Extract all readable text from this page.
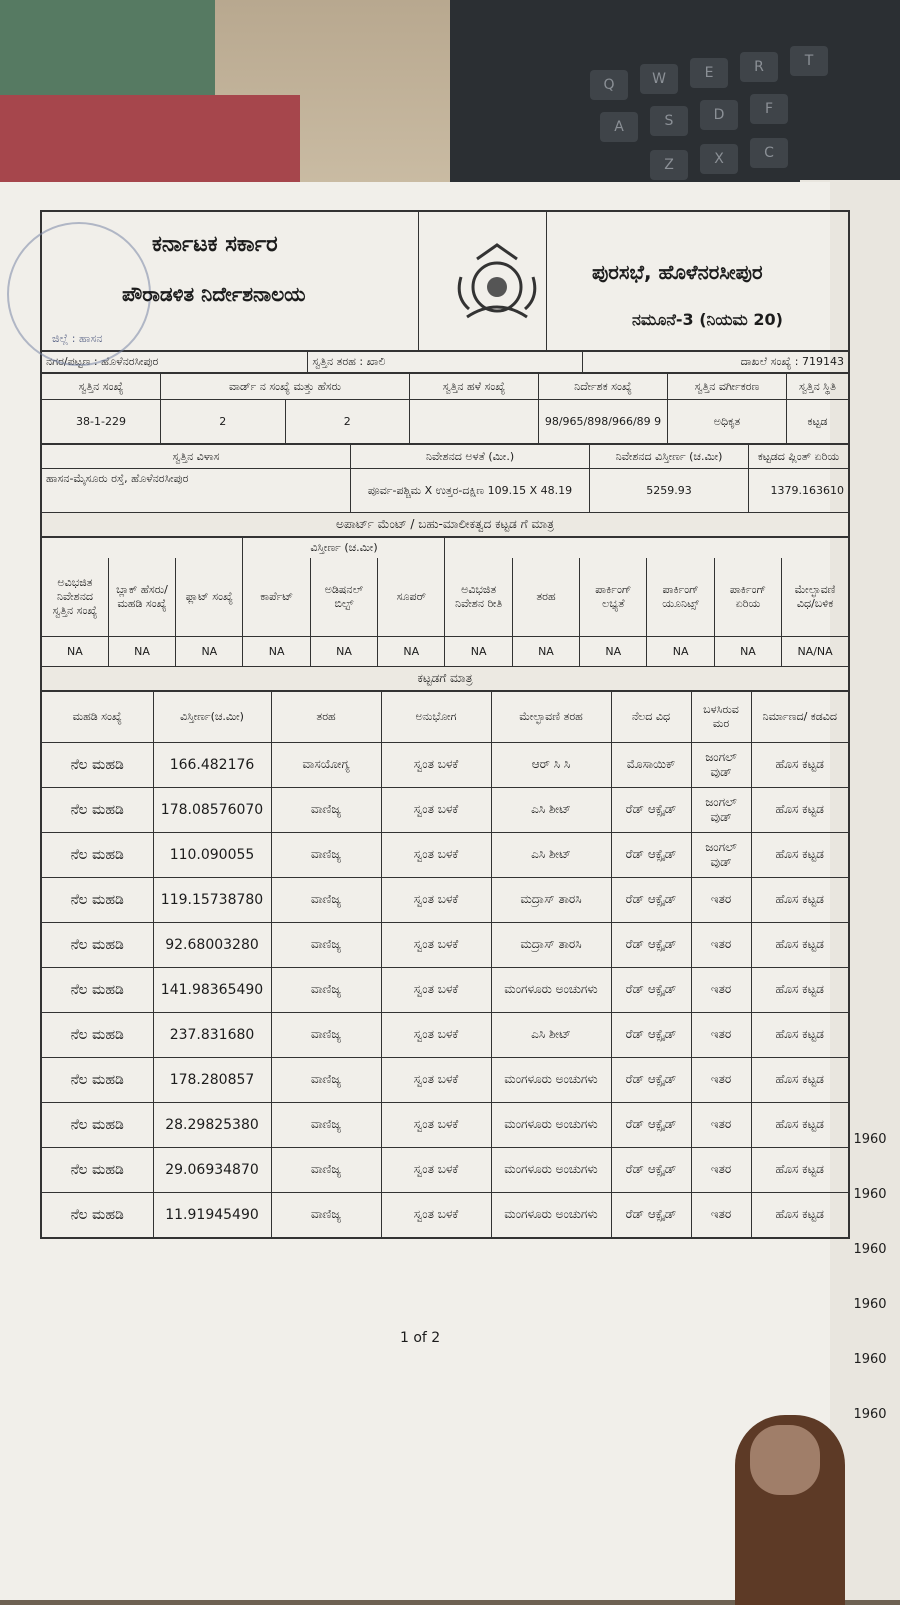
Q	W	E	R	T
A	S	D	F
Z	X	C
ಜಿಲ್ಲೆ : ಹಾಸನ
ಕರ್ನಾಟಕ ಸರ್ಕಾರ
ಪೌರಾಡಳಿತ ನಿರ್ದೇಶನಾಲಯ
ಪುರಸಭೆ, ಹೊಳೆನರಸೀಪುರ
ನಮೂನೆ-3 (ನಿಯಮ 20)
ನಗರ/ಪಟ್ಟಣ : ಹೊಳೆನರಸೀಪುರ	ಸ್ವತ್ತಿನ ತರಹ : ಖಾಲಿ	ದಾಖಲೆ ಸಂಖ್ಯೆ : 719143
ಸ್ವತ್ತಿನ ಸಂಖ್ಯೆ	ವಾರ್ಡ್ ನ ಸಂಖ್ಯೆ ಮತ್ತು ಹೆಸರು		ಸ್ವತ್ತಿನ ಹಳೆ ಸಂಖ್ಯೆ	ನಿರ್ದೇಶಕ ಸಂಖ್ಯೆ	ಸ್ವತ್ತಿನ ವರ್ಗೀಕರಣ	ಸ್ವತ್ತಿನ ಸ್ಥಿತಿ
38-1-229	2	2		98/965/898/966/89 9	ಅಧಿಕೃತ	ಕಟ್ಟಡ
ಸ್ವತ್ತಿನ ವಿಳಾಸ	ನಿವೇಶನದ ಅಳತೆ (ಮೀ.)	ನಿವೇಶನದ ವಿಸ್ತೀರ್ಣ (ಚ.ಮೀ)	ಕಟ್ಟಡದ ಪ್ಲಿಂತ್ ಏರಿಯ
ಹಾಸನ-ಮೈಸೂರು ರಸ್ತೆ, ಹೊಳೆನರಸೀಪುರ	ಪೂರ್ವ-ಪಶ್ಚಿಮ X ಉತ್ತರ-ದಕ್ಷಿಣ 109.15 X 48.19	5259.93	1379.163610
ಅಪಾರ್ಟ್ ಮೆಂಟ್ / ಬಹು-ಮಾಲೀಕತ್ವದ ಕಟ್ಟಡ ಗೆ ಮಾತ್ರ
			ವಿಸ್ತೀರ್ಣ (ಚ.ಮೀ)								
ಅವಿಭಜಿತ ನಿವೇಶನದ ಸ್ವತ್ತಿನ ಸಂಖ್ಯೆ	ಬ್ಲಾಕ್ ಹೆಸರು/ ಮಹಡಿ ಸಂಖ್ಯೆ	ಫ್ಲಾಟ್ ಸಂಖ್ಯೆ	ಕಾರ್ಪೆಟ್	ಅಡಿಷನಲ್ ಬಿಲ್ಟ್	ಸೂಪರ್	ಅವಿಭಜಿತ ನಿವೇಶನ ರೀತಿ	ತರಹ	ಪಾರ್ಕಿಂಗ್ ಲಭ್ಯತೆ	ಪಾರ್ಕಿಂಗ್ ಯೂನಿಟ್ಸ್	ಪಾರ್ಕಿಂಗ್ ಏರಿಯ	ಮೇಲ್ಛಾವಣಿ ವಿಧ/ಬಳಿಕ
NA	NA	NA	NA	NA	NA	NA	NA	NA	NA	NA	NA/NA
ಕಟ್ಟಡಗೆ ಮಾತ್ರ
ಮಹಡಿ ಸಂಖ್ಯೆ	ವಿಸ್ತೀರ್ಣ(ಚ.ಮೀ)	ತರಹ	ಅನುಭೋಗ	ಮೇಲ್ಛಾವಣಿ ತರಹ	ನೆಲದ ವಿಧ	ಬಳಸಿರುವ ಮರ	ನಿರ್ಮಾಣದ/ ಕಡವಿದ
ನೆಲ ಮಹಡಿ	166.482176	ವಾಸಯೋಗ್ಯ	ಸ್ವಂತ ಬಳಕೆ	ಆರ್ ಸಿ ಸಿ	ಮೊಸಾಯಿಕ್	ಜಂಗಲ್ ವುಡ್	ಹೊಸ ಕಟ್ಟಡ
ನೆಲ ಮಹಡಿ	178.08576070	ವಾಣಿಜ್ಯ	ಸ್ವಂತ ಬಳಕೆ	ಎಸಿ ಶೀಟ್	ರೆಡ್ ಆಕ್ಸೈಡ್	ಜಂಗಲ್ ವುಡ್	ಹೊಸ ಕಟ್ಟಡ
ನೆಲ ಮಹಡಿ	110.090055	ವಾಣಿಜ್ಯ	ಸ್ವಂತ ಬಳಕೆ	ಎಸಿ ಶೀಟ್	ರೆಡ್ ಆಕ್ಸೈಡ್	ಜಂಗಲ್ ವುಡ್	ಹೊಸ ಕಟ್ಟಡ
ನೆಲ ಮಹಡಿ	119.15738780	ವಾಣಿಜ್ಯ	ಸ್ವಂತ ಬಳಕೆ	ಮದ್ರಾಸ್ ತಾರಸಿ	ರೆಡ್ ಆಕ್ಸೈಡ್	ಇತರ	ಹೊಸ ಕಟ್ಟಡ
ನೆಲ ಮಹಡಿ	92.68003280	ವಾಣಿಜ್ಯ	ಸ್ವಂತ ಬಳಕೆ	ಮದ್ರಾಸ್ ತಾರಸಿ	ರೆಡ್ ಆಕ್ಸೈಡ್	ಇತರ	ಹೊಸ ಕಟ್ಟಡ
ನೆಲ ಮಹಡಿ	141.98365490	ವಾಣಿಜ್ಯ	ಸ್ವಂತ ಬಳಕೆ	ಮಂಗಳೂರು ಅಂಚುಗಳು	ರೆಡ್ ಆಕ್ಸೈಡ್	ಇತರ	ಹೊಸ ಕಟ್ಟಡ
ನೆಲ ಮಹಡಿ	237.831680	ವಾಣಿಜ್ಯ	ಸ್ವಂತ ಬಳಕೆ	ಎಸಿ ಶೀಟ್	ರೆಡ್ ಆಕ್ಸೈಡ್	ಇತರ	ಹೊಸ ಕಟ್ಟಡ
ನೆಲ ಮಹಡಿ	178.280857	ವಾಣಿಜ್ಯ	ಸ್ವಂತ ಬಳಕೆ	ಮಂಗಳೂರು ಅಂಚುಗಳು	ರೆಡ್ ಆಕ್ಸೈಡ್	ಇತರ	ಹೊಸ ಕಟ್ಟಡ
ನೆಲ ಮಹಡಿ	28.29825380	ವಾಣಿಜ್ಯ	ಸ್ವಂತ ಬಳಕೆ	ಮಂಗಳೂರು ಅಂಚುಗಳು	ರೆಡ್ ಆಕ್ಸೈಡ್	ಇತರ	ಹೊಸ ಕಟ್ಟಡ
ನೆಲ ಮಹಡಿ	29.06934870	ವಾಣಿಜ್ಯ	ಸ್ವಂತ ಬಳಕೆ	ಮಂಗಳೂರು ಅಂಚುಗಳು	ರೆಡ್ ಆಕ್ಸೈಡ್	ಇತರ	ಹೊಸ ಕಟ್ಟಡ
ನೆಲ ಮಹಡಿ	11.91945490	ವಾಣಿಜ್ಯ	ಸ್ವಂತ ಬಳಕೆ	ಮಂಗಳೂರು ಅಂಚುಗಳು	ರೆಡ್ ಆಕ್ಸೈಡ್	ಇತರ	ಹೊಸ ಕಟ್ಟಡ
1960
1960
1960
1960
1960
1960
1 of 2
